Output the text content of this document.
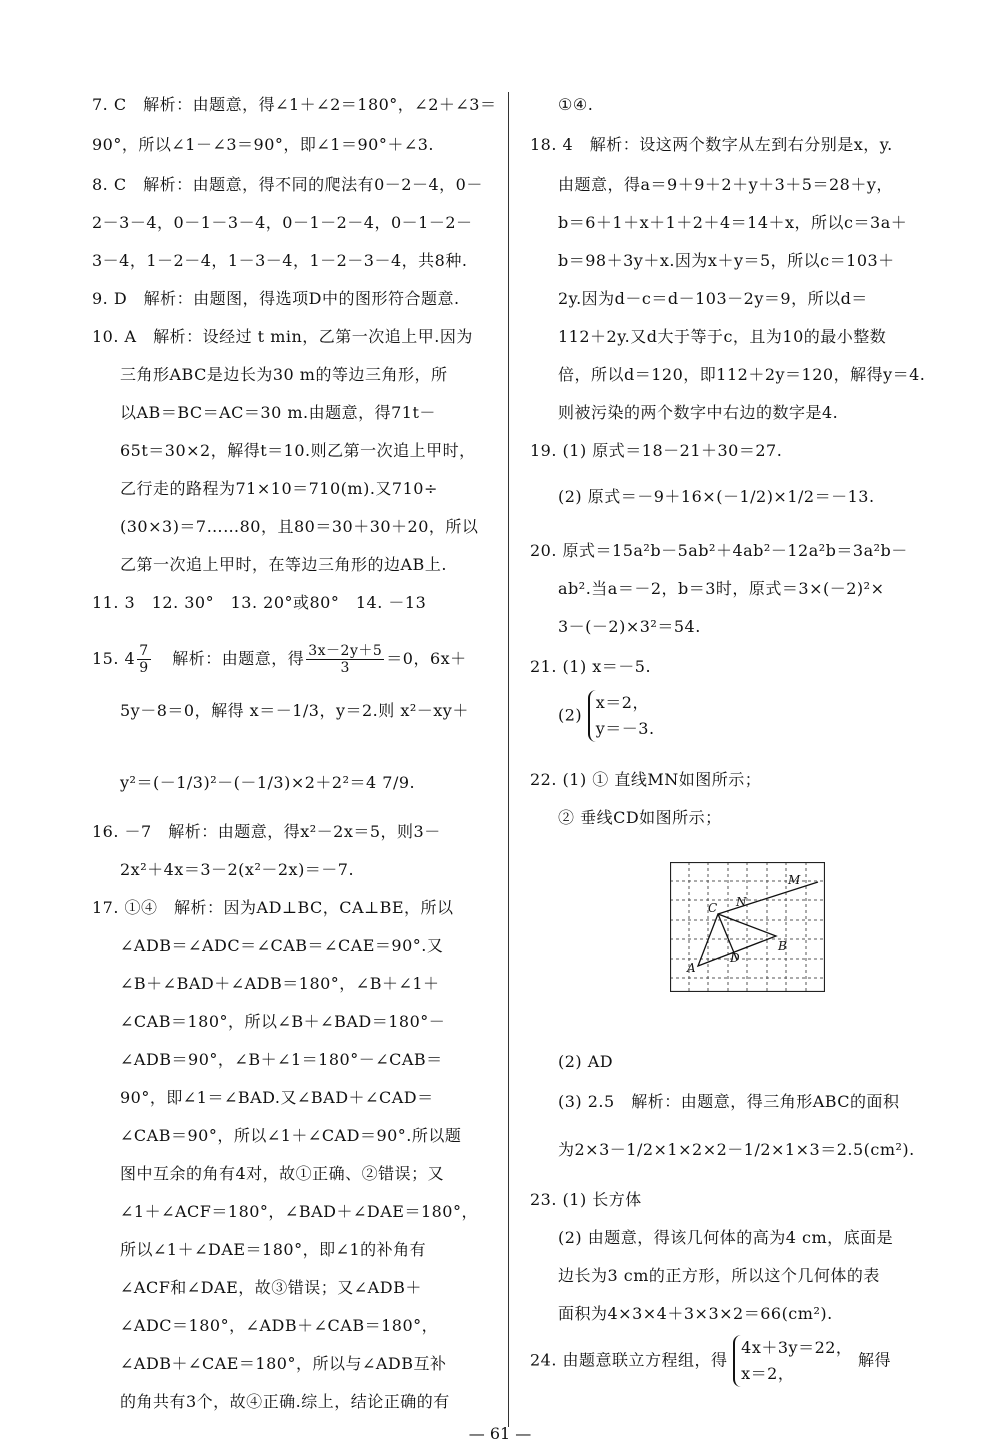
15. $4 \frac{7}{9}$ 解析：由题意，得 $\frac{3x-2y+5}{3} =0$，6x＋
7. C　解析：由题意，得∠1＋∠2＝180°，∠2＋∠3＝
90°，所以∠1－∠3＝90°，即∠1＝90°＋∠3.
8. C　解析：由题意，得不同的爬法有0－2－4，0－
2－3－4，0－1－3－4，0－1－2－4，0－1－2－
3－4，1－2－4，1－3－4，1－2－3－4，共8种.
9. D　解析：由题图，得选项D中的图形符合题意.
10. A　解析：设经过 t min，乙第一次追上甲.因为
三角形ABC是边长为30 m的等边三角形，所
以AB＝BC＝AC＝30 m.由题意，得71t－
65t＝30×2，解得t＝10.则乙第一次追上甲时，
乙行走的路程为71×10＝710(m).又710÷
(30×3)＝7……80，且80＝30＋30＋20，所以
乙第一次追上甲时，在等边三角形的边AB上.
11. 3　12. 30°　13. 20°或80°　14. －13
5y－8＝0，解得 x＝－1/3，y＝2.则 x²－xy＋
y²＝(－1/3)²－(－1/3)×2＋2²＝4 7/9.
16. －7　解析：由题意，得x²－2x＝5，则3－
2x²＋4x＝3－2(x²－2x)＝－7.
17. ①④　解析：因为AD⊥BC，CA⊥BE，所以
∠ADB＝∠ADC＝∠CAB＝∠CAE＝90°.又
∠B＋∠BAD＋∠ADB＝180°，∠B＋∠1＋
∠CAB＝180°，所以∠B＋∠BAD＝180°－
∠ADB＝90°，∠B＋∠1＝180°－∠CAB＝
90°，即∠1＝∠BAD.又∠BAD＋∠CAD＝
∠CAB＝90°，所以∠1＋∠CAD＝90°.所以题
图中互余的角有4对，故①正确、②错误；又
∠1＋∠ACF＝180°，∠BAD＋∠DAE＝180°，
所以∠1＋∠DAE＝180°，即∠1的补角有
∠ACF和∠DAE，故③错误；又∠ADB＋
∠ADC＝180°，∠ADB＋∠CAB＝180°，
∠ADB＋∠CAE＝180°，所以与∠ADB互补
的角共有3个，故④正确.综上，结论正确的有
(2)
x＝2，
y＝－3.
24. 由题意联立方程组，得
4x＋3y＝22，
x＝2，
解得
①④.
18. 4　解析：设这两个数字从左到右分别是x，y.
由题意，得a＝9＋9＋2＋y＋3＋5＝28＋y，
b＝6＋1＋x＋1＋2＋4＝14＋x，所以c＝3a＋
b＝98＋3y＋x.因为x＋y＝5，所以c＝103＋
2y.因为d－c＝d－103－2y＝9，所以d＝
112＋2y.又d大于等于c，且为10的最小整数
倍，所以d＝120，即112＋2y＝120，解得y＝4.
则被污染的两个数字中右边的数字是4.
19. (1) 原式＝18－21＋30＝27.
(2) 原式＝－9＋16×(－1/2)×1/2＝－13.
20. 原式＝15a²b－5ab²＋4ab²－12a²b＝3a²b－
ab².当a＝－2，b＝3时，原式＝3×(－2)²×
3－(－2)×3²＝54.
21. (1) x＝－5.
22. (1) ① 直线MN如图所示；
② 垂线CD如图所示；
(2) AD
(3) 2.5　解析：由题意，得三角形ABC的面积
为2×3－1/2×1×2×2－1/2×1×3＝2.5(cm²).
23. (1) 长方体
(2) 由题意，得该几何体的高为4 cm，底面是
边长为3 cm的正方形，所以这个几何体的表
面积为4×3×4＋3×3×2＝66(cm²).
M
N
C
B
D
A
— 61 —
